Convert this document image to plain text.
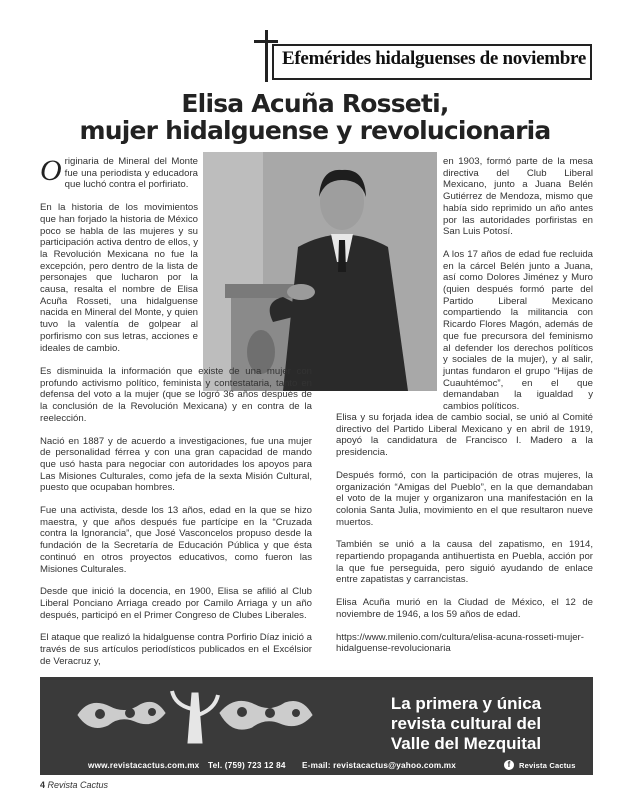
Efemérides hidalguenses de noviembre
Elisa Acuña Rosseti,
mujer hidalguense y revolucionaria

Originaria de Mineral del Monte fue una periodista y educadora que luchó contra el porfiriato.

En la historia de los movimientos que han forjado la historia de México poco se habla de las mujeres y su participación activa dentro de ellos, y la Revolución Mexicana no fue la excepción, pero dentro de la lista de personajes que lucharon por la causa, resalta el nombre de Elisa Acuña Rosseti, una hidalguense nacida en Mineral del Monte, y quien tuvo la valentía de golpear al porfirismo con sus letras, acciones e ideales de cambio.

Es disminuida la información que existe de una mujer con profundo activismo político, feminista y contestataria, tanto en defensa del voto a la mujer (que se logró 36 años después de la conclusión de la Revolución Mexicana) y en contra de la reelección.

Nació en 1887 y de acuerdo a investigaciones, fue una mujer de personalidad férrea y con una gran capacidad de mando que usó hasta para negociar con autoridades los apoyos para Las Misiones Culturales, como jefa de la sexta Misión Cultural, puesto que ocupaban hombres.

Fue una activista, desde los 13 años, edad en la que se hizo maestra, y que años después fue partícipe en la “Cruzada contra la Ignorancia”, que José Vasconcelos propuso desde la fundación de la Secretaría de Educación Pública y que ésta continuó en otros proyectos educativos, como fueron las Misiones Culturales.

Desde que inició la docencia, en 1900, Elisa se afilió al Club Liberal Ponciano Arriaga creado por Camilo Arriaga y un año después, participó en el Primer Congreso de Clubes Liberales.

El ataque que realizó la hidalguense contra Porfirio Díaz inició a través de sus artículos periodísticos publicados en el Excélsior de Veracruz y,

en 1903, formó parte de la mesa directiva del Club Liberal Mexicano, junto a Juana Belén Gutiérrez de Mendoza, mismo que había sido reprimido un año antes por las autoridades porfiristas en San Luis Potosí.

A los 17 años de edad fue recluida en la cárcel Belén junto a Juana, así como Dolores Jiménez y Muro (quien después formó parte del Partido Liberal Mexicano compartiendo la militancia con Ricardo Flores Magón, además de que fue precursora del feminismo al defender los derechos políticos y sociales de la mujer), y al salir, juntas fundaron el grupo “Hijas de Cuauhtémoc”, en el que demandaban la igualdad y cambios políticos.

Elisa y su forjada idea de cambio social, se unió al Comité directivo del Partido Liberal Mexicano y en abril de 1919, apoyó la candidatura de Francisco I. Madero a la presidencia.

Después formó, con la participación de otras mujeres, la organización “Amigas del Pueblo”, en la que demandaban el voto de la mujer y organizaron una manifestación en la colonia Santa Julia, movimiento en el que resultaron nueve muertos.

También se unió a la causa del zapatismo, en 1914, repartiendo propaganda antihuertista en Puebla, acción por la que fue perseguida, pero siguió ayudando de enlace entre zapatistas y carrancistas.

Elisa Acuña murió en la Ciudad de México, el 12 de noviembre de 1946, a los 59 años de edad.

https://www.milenio.com/cultura/elisa-acuna-rosseti-mujer-hidalguense-revolucionaria

La primera y única
revista cultural del
Valle del Mezquital
www.revistacactus.com.mx Tel. (759) 723 12 84 E-mail: revistacactus@yahoo.com.mx	f	Revista Cactus
4 Revista Cactus
